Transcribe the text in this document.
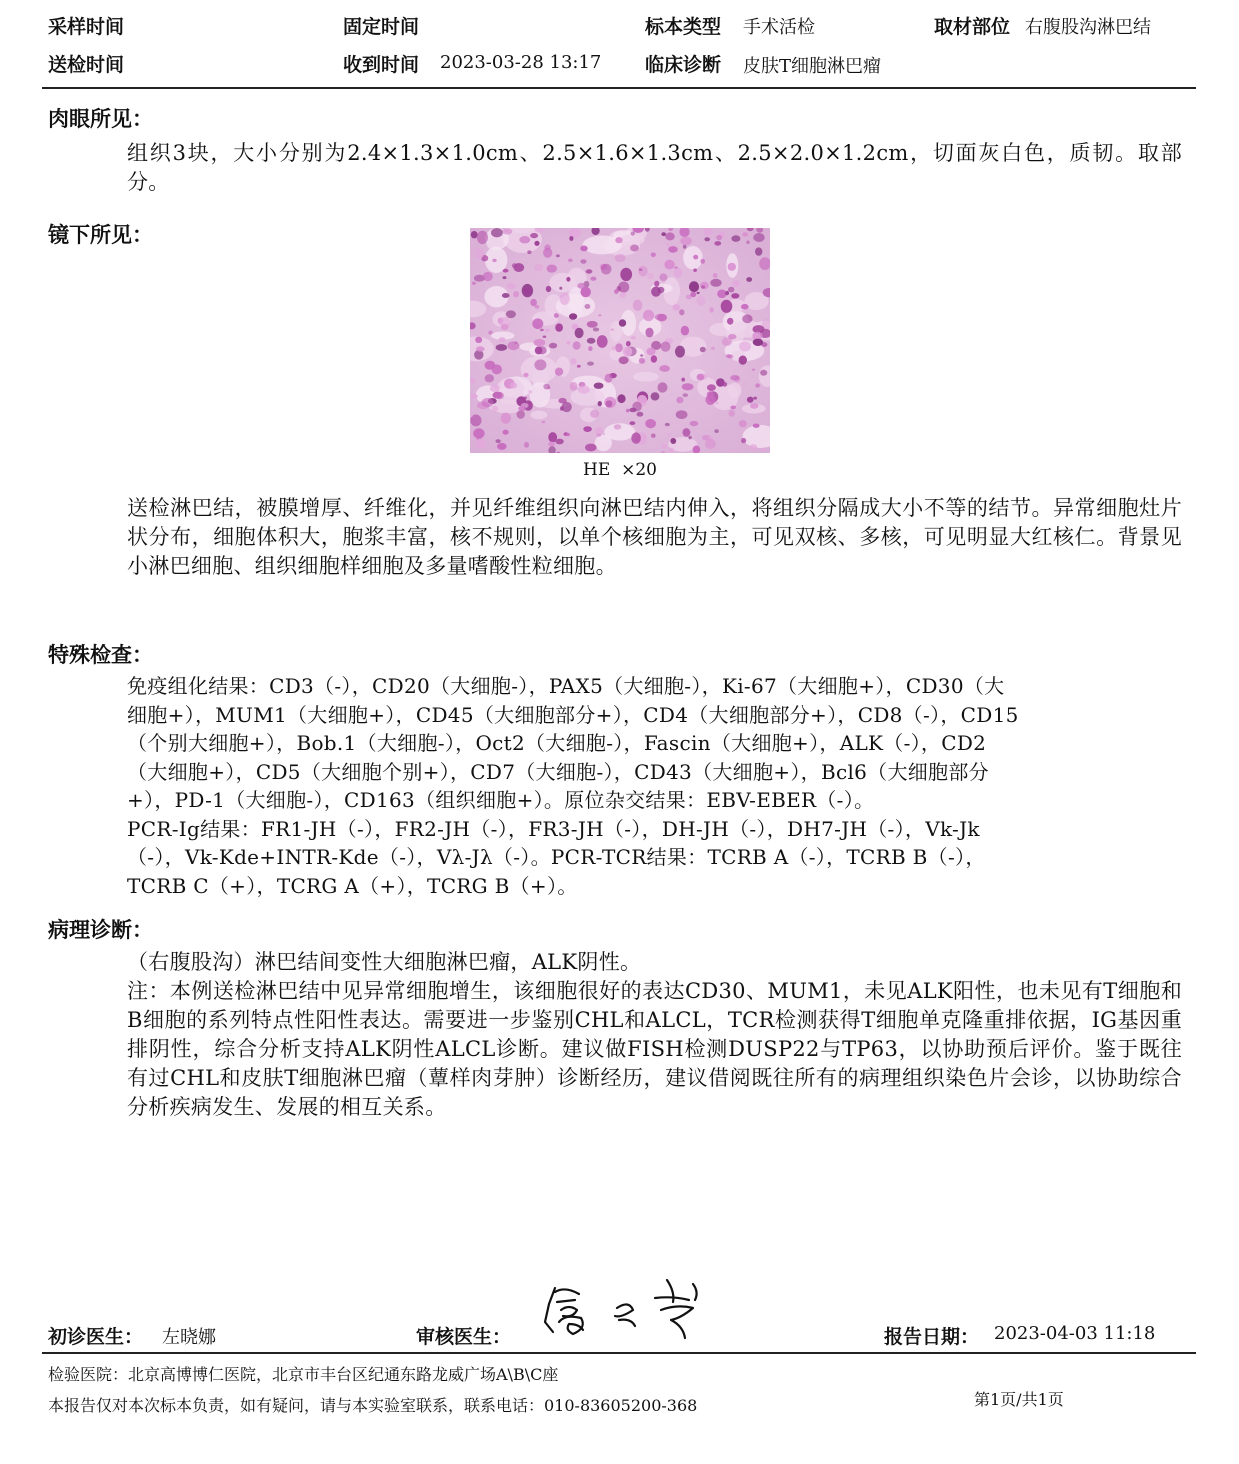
采样时间	固定时间	标本类型 手术活检	取材部位 右腹股沟淋巴结
送检时间	收到时间 2023-03-28 13:17 临床诊断 皮肤T细胞淋巴瘤
肉眼所见：
组织3块，大小分别为2.4×1.3×1.0cm、2.5×1.6×1.3cm、2.5×2.0×1.2cm，切面灰白色，质韧。取部分。
镜下所见：
HE  ×20
送检淋巴结，被膜增厚、纤维化，并见纤维组织向淋巴结内伸入，将组织分隔成大小不等的结节。异常细胞灶片状分布，细胞体积大，胞浆丰富，核不规则，以单个核细胞为主，可见双核、多核，可见明显大红核仁。背景见小淋巴细胞、组织细胞样细胞及多量嗜酸性粒细胞。
特殊检查：
免疫组化结果：CD3（-），CD20（大细胞-），PAX5（大细胞-），Ki-67（大细胞+），CD30（大
细胞+），MUM1（大细胞+），CD45（大细胞部分+），CD4（大细胞部分+），CD8（-），CD15
（个别大细胞+），Bob.1（大细胞-），Oct2（大细胞-），Fascin（大细胞+），ALK（-），CD2
（大细胞+），CD5（大细胞个别+），CD7（大细胞-），CD43（大细胞+），Bcl6（大细胞部分
+），PD-1（大细胞-），CD163（组织细胞+）。原位杂交结果：EBV-EBER（-）。
PCR-Ig结果：FR1-JH（-），FR2-JH（-），FR3-JH（-），DH-JH（-），DH7-JH（-），Vk-Jk
（-），Vk-Kde+INTR-Kde（-），Vλ-Jλ（-）。PCR-TCR结果：TCRB A（-），TCRB B（-），
TCRB C（+），TCRG A（+），TCRG B（+）。
病理诊断：
（右腹股沟）淋巴结间变性大细胞淋巴瘤，ALK阴性。
注：本例送检淋巴结中见异常细胞增生，该细胞很好的表达CD30、MUM1，未见ALK阳性，也未见有T细胞和B细胞的系列特点性阳性表达。需要进一步鉴别CHL和ALCL，TCR检测获得T细胞单克隆重排依据，IG基因重排阴性，综合分析支持ALK阴性ALCL诊断。建议做FISH检测DUSP22与TP63，以协助预后评价。鉴于既往有过CHL和皮肤T细胞淋巴瘤（蕈样肉芽肿）诊断经历，建议借阅既往所有的病理组织染色片会诊，以协助综合分析疾病发生、发展的相互关系。
初诊医生： 左晓娜	审核医生：	报告日期： 2023-04-03 11:18
检验医院：北京高博博仁医院，北京市丰台区纪通东路龙威广场A\B\C座
本报告仅对本次标本负责，如有疑问，请与本实验室联系，联系电话：010-83605200-368	第1页/共1页
